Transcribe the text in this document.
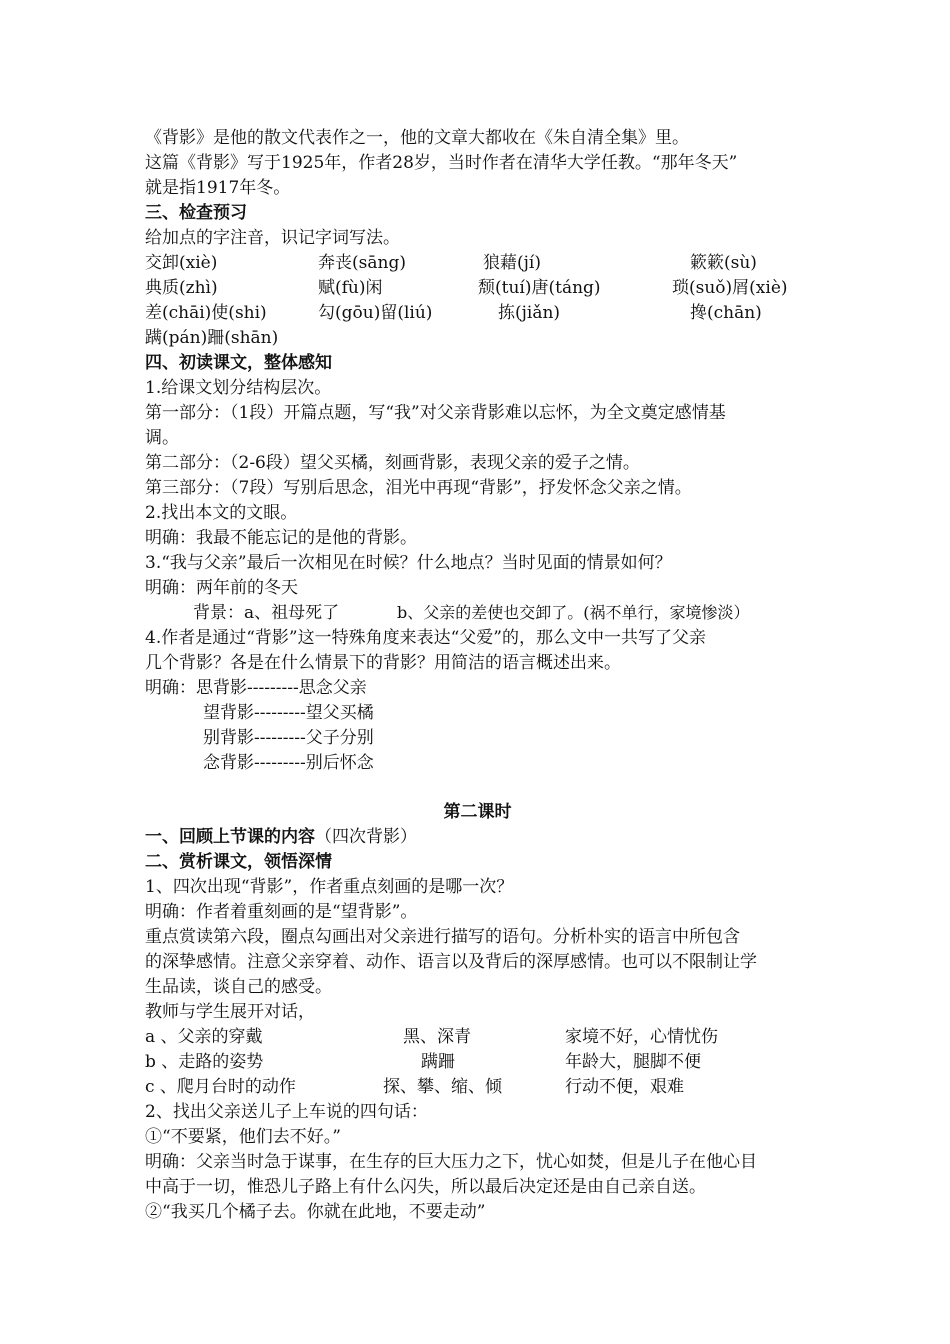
《背影》是他的散文代表作之一，他的文章大都收在《朱自清全集》里。
这篇《背影》写于1925年，作者28岁，当时作者在清华大学任教。“那年冬天”
就是指1917年冬。
三、检查预习
给加点的字注音，识记字词写法。
交卸(xiè)	奔丧(sāng)	狼藉(jí)	簌簌(sù)
典质(zhì)	赋(fù)闲	颓(tuí)唐(táng)	琐(suǒ)屑(xiè)
差(chāi)使(shi)	勾(gōu)留(liú)	拣(jiǎn)	搀(chān)
蹒(pán)跚(shān)
四、初读课文，整体感知
1.给课文划分结构层次。
第一部分：（1段）开篇点题，写“我”对父亲背影难以忘怀，为全文奠定感情基
调。
第二部分：（2-6段）望父买橘，刻画背影，表现父亲的爱子之情。
第三部分：（7段）写别后思念，泪光中再现“背影”，抒发怀念父亲之情。
2.找出本文的文眼。
明确：我最不能忘记的是他的背影。
3.“我与父亲”最后一次相见在时候？什么地点？当时见面的情景如何？
明确：两年前的冬天
背景：a、祖母死了	b、父亲的差使也交卸了。(祸不单行，家境惨淡）
4.作者是通过“背影”这一特殊角度来表达“父爱”的，那么文中一共写了父亲
几个背影？各是在什么情景下的背影？用简洁的语言概述出来。
明确：思背影---------思念父亲
望背影---------望父买橘
别背影---------父子分别
念背影---------别后怀念
第二课时
一、回顾上节课的内容（四次背影）
二、赏析课文，领悟深情
1、四次出现“背影”，作者重点刻画的是哪一次？
明确：作者着重刻画的是“望背影”。
重点赏读第六段，圈点勾画出对父亲进行描写的语句。分析朴实的语言中所包含
的深挚感情。注意父亲穿着、动作、语言以及背后的深厚感情。也可以不限制让学
生品读，谈自己的感受。
教师与学生展开对话，
a 、父亲的穿戴	黑、深青	家境不好，心情忧伤
b 、走路的姿势	蹒跚	年龄大，腿脚不便
c 、爬月台时的动作	探、攀、缩、倾	行动不便，艰难
2、找出父亲送儿子上车说的四句话：
①“不要紧，他们去不好。”
明确：父亲当时急于谋事，在生存的巨大压力之下，忧心如焚，但是儿子在他心目
中高于一切，惟恐儿子路上有什么闪失，所以最后决定还是由自己亲自送。
②“我买几个橘子去。你就在此地，不要走动”
